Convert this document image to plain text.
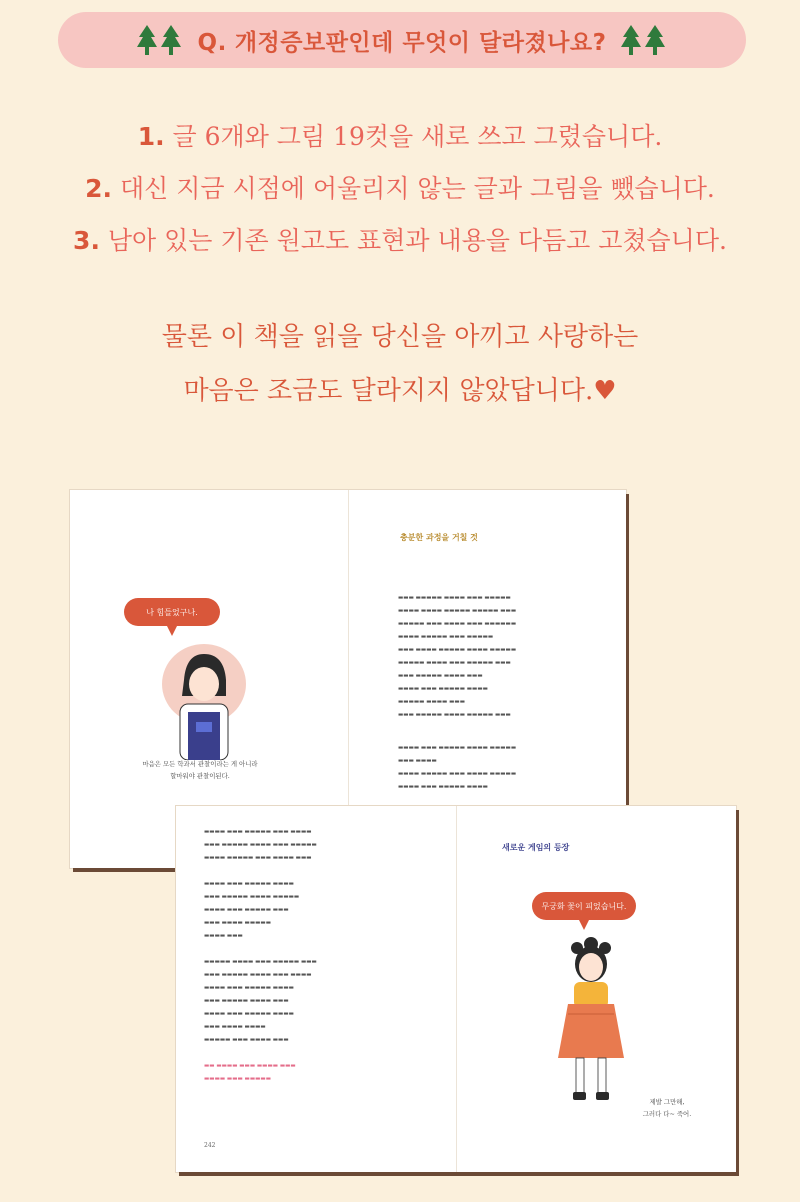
Q. 개정증보판인데 무엇이 달라졌나요?

1. 글 6개와 그림 19컷을 새로 쓰고 그렸습니다.

2. 대신 지금 시점에 어울리지 않는 글과 그림을 뺐습니다.

3. 남아 있는 기존 원고도 표현과 내용을 다듬고 고쳤습니다.

물론 이 책을 읽을 당신을 아끼고 사랑하는

마음은 조금도 달라지지 않았답니다.♥

충분한 과정을 거칠 것
나 힘들었구나.
마음은 모든 학과서 관찰이라는 게 아니라
할마워야 관찰이된다.
▬▬▬ ▬▬▬▬▬ ▬▬▬▬ ▬▬▬ ▬▬▬▬▬
▬▬▬▬ ▬▬▬▬ ▬▬▬▬▬ ▬▬▬▬▬ ▬▬▬
▬▬▬▬▬ ▬▬▬ ▬▬▬▬ ▬▬▬ ▬▬▬▬▬▬
▬▬▬▬ ▬▬▬▬▬ ▬▬▬ ▬▬▬▬▬
▬▬▬ ▬▬▬▬ ▬▬▬▬▬ ▬▬▬▬ ▬▬▬▬▬
▬▬▬▬▬ ▬▬▬▬ ▬▬▬ ▬▬▬▬▬ ▬▬▬
▬▬▬ ▬▬▬▬▬ ▬▬▬▬ ▬▬▬
▬▬▬▬ ▬▬▬ ▬▬▬▬▬ ▬▬▬▬
▬▬▬▬▬ ▬▬▬▬ ▬▬▬
▬▬▬ ▬▬▬▬▬ ▬▬▬▬ ▬▬▬▬▬ ▬▬▬
▬▬▬▬ ▬▬▬ ▬▬▬▬▬ ▬▬▬▬ ▬▬▬▬▬
▬▬▬ ▬▬▬▬
▬▬▬▬ ▬▬▬▬▬ ▬▬▬ ▬▬▬▬ ▬▬▬▬▬
▬▬▬▬ ▬▬▬ ▬▬▬▬▬ ▬▬▬▬
▬▬▬▬ ▬▬▬ ▬▬▬▬▬ ▬▬▬ ▬▬▬▬
▬▬▬ ▬▬▬▬▬ ▬▬▬▬ ▬▬▬ ▬▬▬▬▬
▬▬▬▬ ▬▬▬▬▬ ▬▬▬ ▬▬▬▬ ▬▬▬

▬▬▬▬ ▬▬▬ ▬▬▬▬▬ ▬▬▬▬
▬▬▬ ▬▬▬▬▬ ▬▬▬▬ ▬▬▬▬▬
▬▬▬▬ ▬▬▬ ▬▬▬▬▬ ▬▬▬
▬▬▬ ▬▬▬▬ ▬▬▬▬▬
▬▬▬▬ ▬▬▬

▬▬▬▬▬ ▬▬▬▬ ▬▬▬ ▬▬▬▬▬ ▬▬▬
▬▬▬ ▬▬▬▬▬ ▬▬▬▬ ▬▬▬ ▬▬▬▬
▬▬▬▬ ▬▬▬ ▬▬▬▬▬ ▬▬▬▬
▬▬▬ ▬▬▬▬▬ ▬▬▬▬ ▬▬▬
▬▬▬▬ ▬▬▬ ▬▬▬▬▬ ▬▬▬▬
▬▬▬ ▬▬▬▬ ▬▬▬▬
▬▬▬▬▬ ▬▬▬ ▬▬▬▬ ▬▬▬

▬▬ ▬▬▬▬ ▬▬▬ ▬▬▬▬ ▬▬▬
▬▬▬▬ ▬▬▬ ▬▬▬▬▬
242
새로운 게임의 등장
무궁화 꽃이 피었습니다.
제발 그만해,
그러다 다~ 죽어.
